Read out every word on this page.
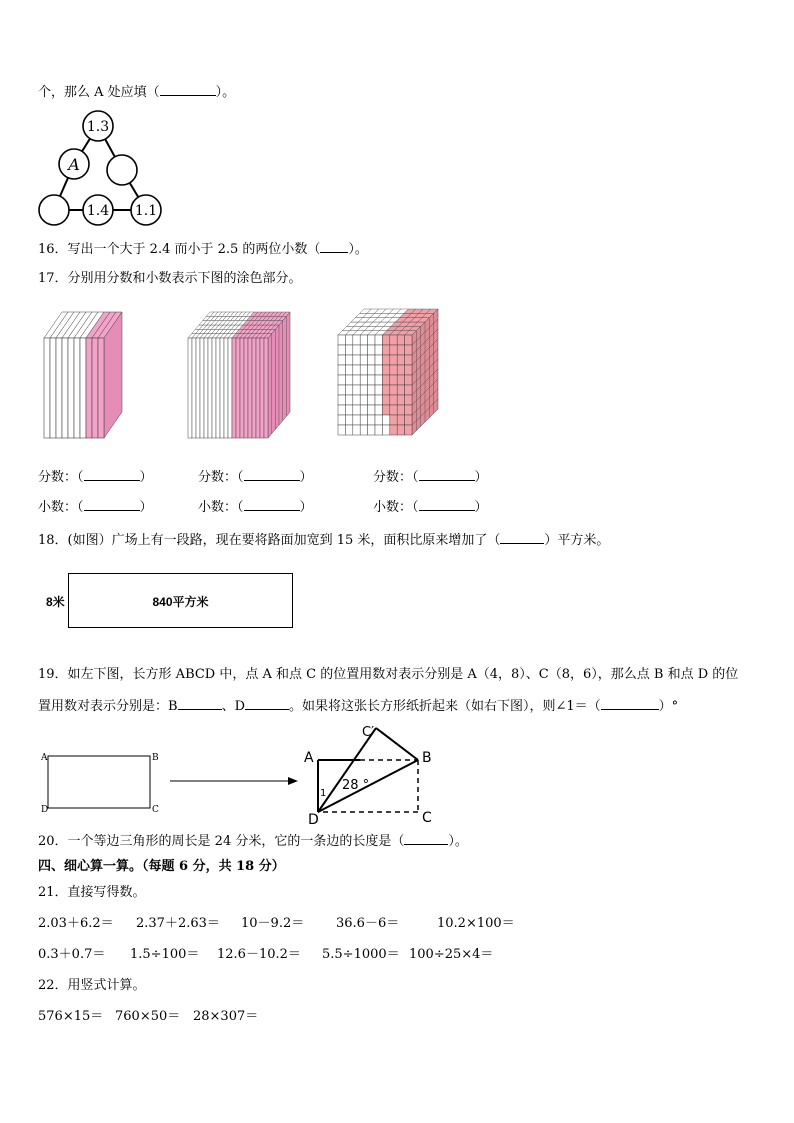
个，那么 A 处应填（	）。
1.3
A
1.4 1.1
16．写出一个大于 2.4 而小于 2.5 的两位小数（ ）。
17．分别用分数和小数表示下图的涂色部分。
分数：（	）	分数：（	）	分数：（	）
小数：（	）	小数：（	）	小数：（	）
18．(如图）广场上有一段路，现在要将路面加宽到 15 米，面积比原来增加了（	）平方米。
8米	840平方米
19．如左下图，长方形 ABCD 中，点 A 和点 C 的位置用数对表示分别是 A（4，8）、C（8，6），那么点 B 和点 D 的位
置用数对表示分别是：B	、D	。如果将这张长方形纸折起来（如右下图），则∠1＝（	）°
A	B
C
D
A	B
C
D
C′
28 °
1
20．一个等边三角形的周长是 24 分米，它的一条边的长度是（	）。
四、细心算一算。（每题 6 分，共 18 分）
21．直接写得数。
2.03＋6.2＝ 2.37＋2.63＝ 10－9.2＝ 36.6－6＝	10.2×100＝
0.3＋0.7＝ 1.5÷100＝ 12.6－10.2＝ 5.5÷1000＝ 100÷25×4＝
22．用竖式计算。
576×15＝ 760×50＝ 28×307＝
